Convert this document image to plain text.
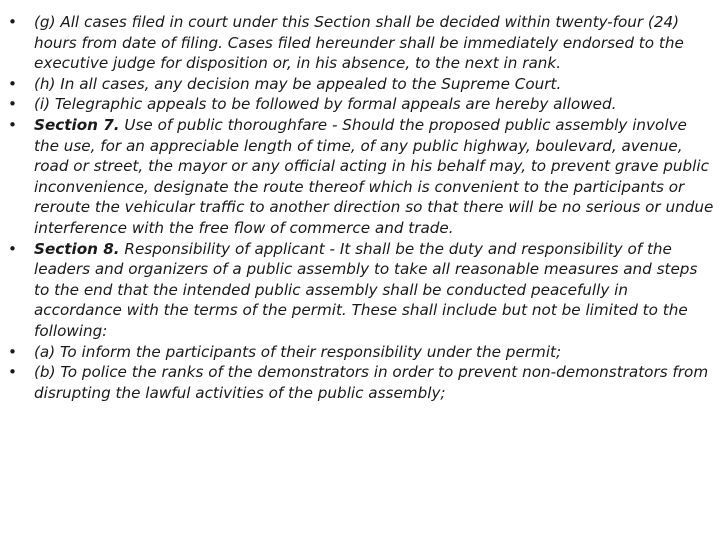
•	(g) All cases filed in court under this Section shall be decided within twenty-four (24) hours from date of filing. Cases filed hereunder shall be immediately endorsed to the executive judge for disposition or, in his absence, to the next in rank.
•	(h) In all cases, any decision may be appealed to the Supreme Court.
•	(i) Telegraphic appeals to be followed by formal appeals are hereby allowed.
•	Section 7. Use of public thoroughfare - Should the proposed public assembly involve the use, for an appreciable length of time, of any public highway, boulevard, avenue, road or street, the mayor or any official acting in his behalf may, to prevent grave public inconvenience, designate the route thereof which is convenient to the participants or reroute the vehicular traffic to another direction so that there will be no serious or undue interference with the free flow of commerce and trade.
•	Section 8. Responsibility of applicant - It shall be the duty and responsibility of the leaders and organizers of a public assembly to take all reasonable measures and steps to the end that the intended public assembly shall be conducted peacefully in accordance with the terms of the permit. These shall include but not be limited to the following:
•	(a) To inform the participants of their responsibility under the permit;
•	(b) To police the ranks of the demonstrators in order to prevent non-demonstrators from disrupting the lawful activities of the public assembly;
